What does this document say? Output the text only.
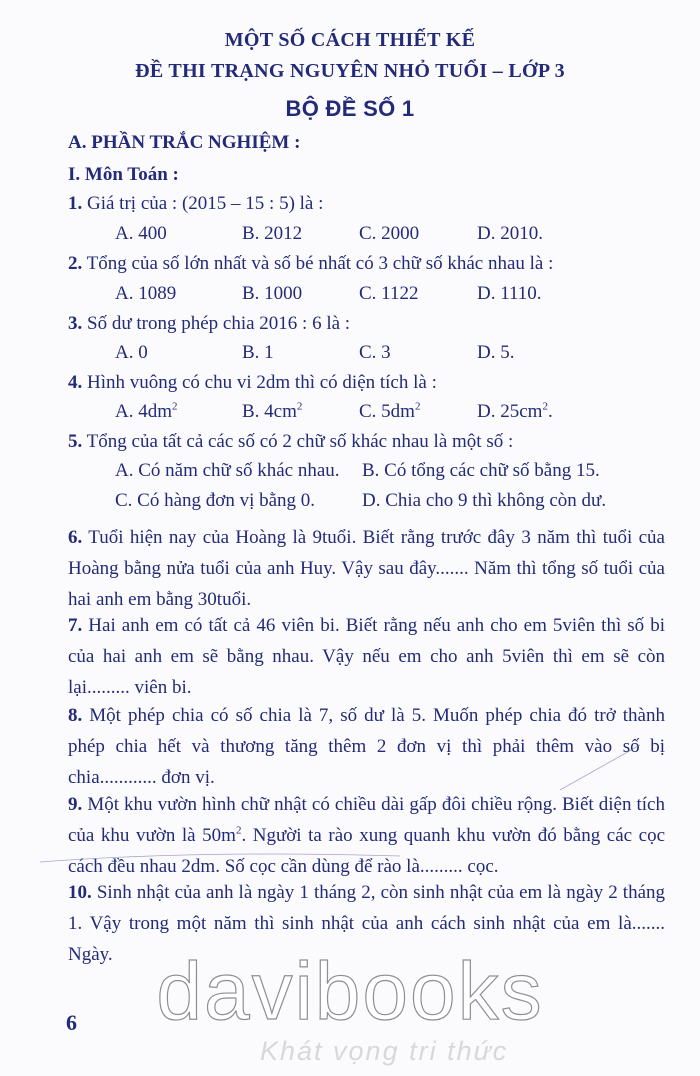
MỘT SỐ CÁCH THIẾT KẾ
ĐỀ THI TRẠNG NGUYÊN NHỎ TUỔI – LỚP 3
BỘ ĐỀ SỐ 1
A. PHẦN TRẮC NGHIỆM :
I. Môn Toán :
1. Giá trị của : (2015 – 15 : 5) là :
A. 400	B. 2012	C. 2000	D. 2010.
2. Tổng của số lớn nhất và số bé nhất có 3 chữ số khác nhau là :
A. 1089	B. 1000	C. 1122	D. 1110.
3. Số dư trong phép chia 2016 : 6 là :
A. 0	B. 1	C. 3	D. 5.
4. Hình vuông có chu vi 2dm thì có diện tích là :
A. $4dm^2$	B. $4cm^2$	C. $5dm^2$	D. $25cm^2$.
5. Tổng của tất cả các số có 2 chữ số khác nhau là một số :
A. Có năm chữ số khác nhau. B. Có tổng các chữ số bằng 15.
C. Có hàng đơn vị bằng 0. D. Chia cho 9 thì không còn dư.

6. Tuổi hiện nay của Hoàng là 9tuổi. Biết rằng trước đây 3 năm thì tuổi của Hoàng bằng nửa tuổi của anh Huy. Vậy sau đây....... Năm thì tổng số tuổi của hai anh em bằng 30tuổi.

7. Hai anh em có tất cả 46 viên bi. Biết rằng nếu anh cho em 5viên thì số bi của hai anh em sẽ bằng nhau. Vậy nếu em cho anh 5viên thì em sẽ còn lại......... viên bi.

8. Một phép chia có số chia là 7, số dư là 5. Muốn phép chia đó trở thành phép chia hết và thương tăng thêm 2 đơn vị thì phải thêm vào số bị chia............ đơn vị.

9. Một khu vườn hình chữ nhật có chiều dài gấp đôi chiều rộng. Biết diện tích của khu vườn là $50m^2$. Người ta rào xung quanh khu vườn đó bằng các cọc cách đều nhau 2dm. Số cọc cần dùng để rào là......... cọc.

10. Sinh nhật của anh là ngày 1 tháng 2, còn sinh nhật của em là ngày 2 tháng 1. Vậy trong một năm thì sinh nhật của anh cách sinh nhật của em là....... Ngày.

6 davibooks
Khát vọng tri thức
